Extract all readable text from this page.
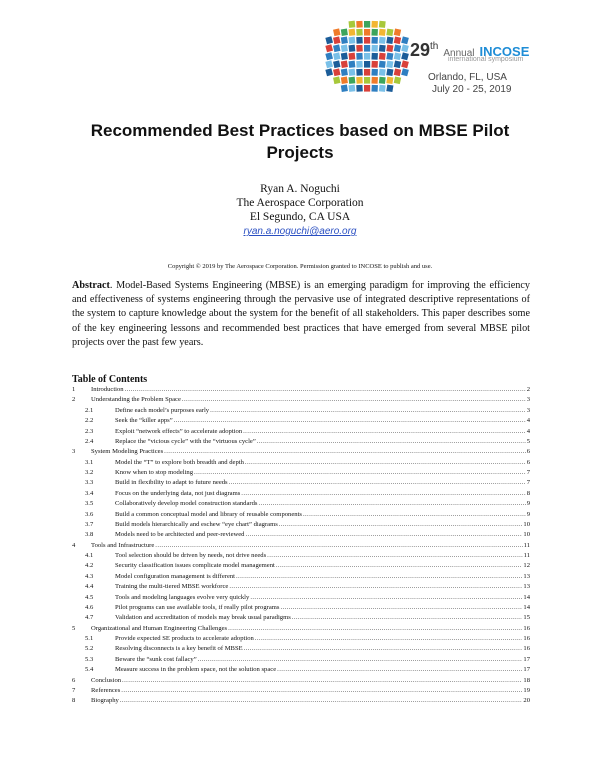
29th Annual INCOSE
international symposium
Orlando, FL, USA
July 20 - 25, 2019
Recommended Best Practices based on MBSE Pilot Projects
Ryan A. Noguchi
The Aerospace Corporation
El Segundo, CA USA
ryan.a.noguchi@aero.org
Copyright © 2019 by The Aerospace Corporation. Permission granted to INCOSE to publish and use.
Abstract. Model-Based Systems Engineering (MBSE) is an emerging paradigm for improving the efficiency and effectiveness of systems engineering through the pervasive use of integrated descriptive representations of the system to capture knowledge about the system for the benefit of all stakeholders. This paper describes some of the key engineering lessons and recommended best practices that have emerged from several MBSE pilot projects over the past few years.
Table of Contents
1 Introduction .....	2
2 Understanding the Problem Space .....	3
2.1	Define each model’s purposes early .....	3
2.2	Seek the “killer apps” .....	4
2.3	Exploit “network effects” to accelerate adoption .....	4
2.4	Replace the “vicious cycle” with the “virtuous cycle” .....	5
3 System Modeling Practices .....	6
3.1	Model the “T” to explore both breadth and depth .....	6
3.2	Know when to stop modeling .....	7
3.3	Build in flexibility to adapt to future needs .....	7
3.4	Focus on the underlying data, not just diagrams .....	8
3.5	Collaboratively develop model construction standards .....	9
3.6	Build a common conceptual model and library of reusable components .....	9
3.7	Build models hierarchically and eschew “eye chart” diagrams .....	10
3.8	Models need to be architected and peer-reviewed .....	10
4 Tools and Infrastructure .....	11
4.1	Tool selection should be driven by needs, not drive needs .....	11
4.2	Security classification issues complicate model management .....	12
4.3	Model configuration management is different .....	13
4.4	Training the multi-tiered MBSE workforce .....	13
4.5	Tools and modeling languages evolve very quickly .....	14
4.6	Pilot programs can use available tools, if really pilot programs .....	14
4.7	Validation and accreditation of models may break usual paradigms .....	15
5 Organizational and Human Engineering Challenges .....	16
5.1	Provide expected SE products to accelerate adoption .....	16
5.2	Resolving disconnects is a key benefit of MBSE .....	16
5.3	Beware the “sunk cost fallacy” .....	17
5.4	Measure success in the problem space, not the solution space .....	17
6 Conclusion .....	18
7 References .....	19
8 Biography .....	20
